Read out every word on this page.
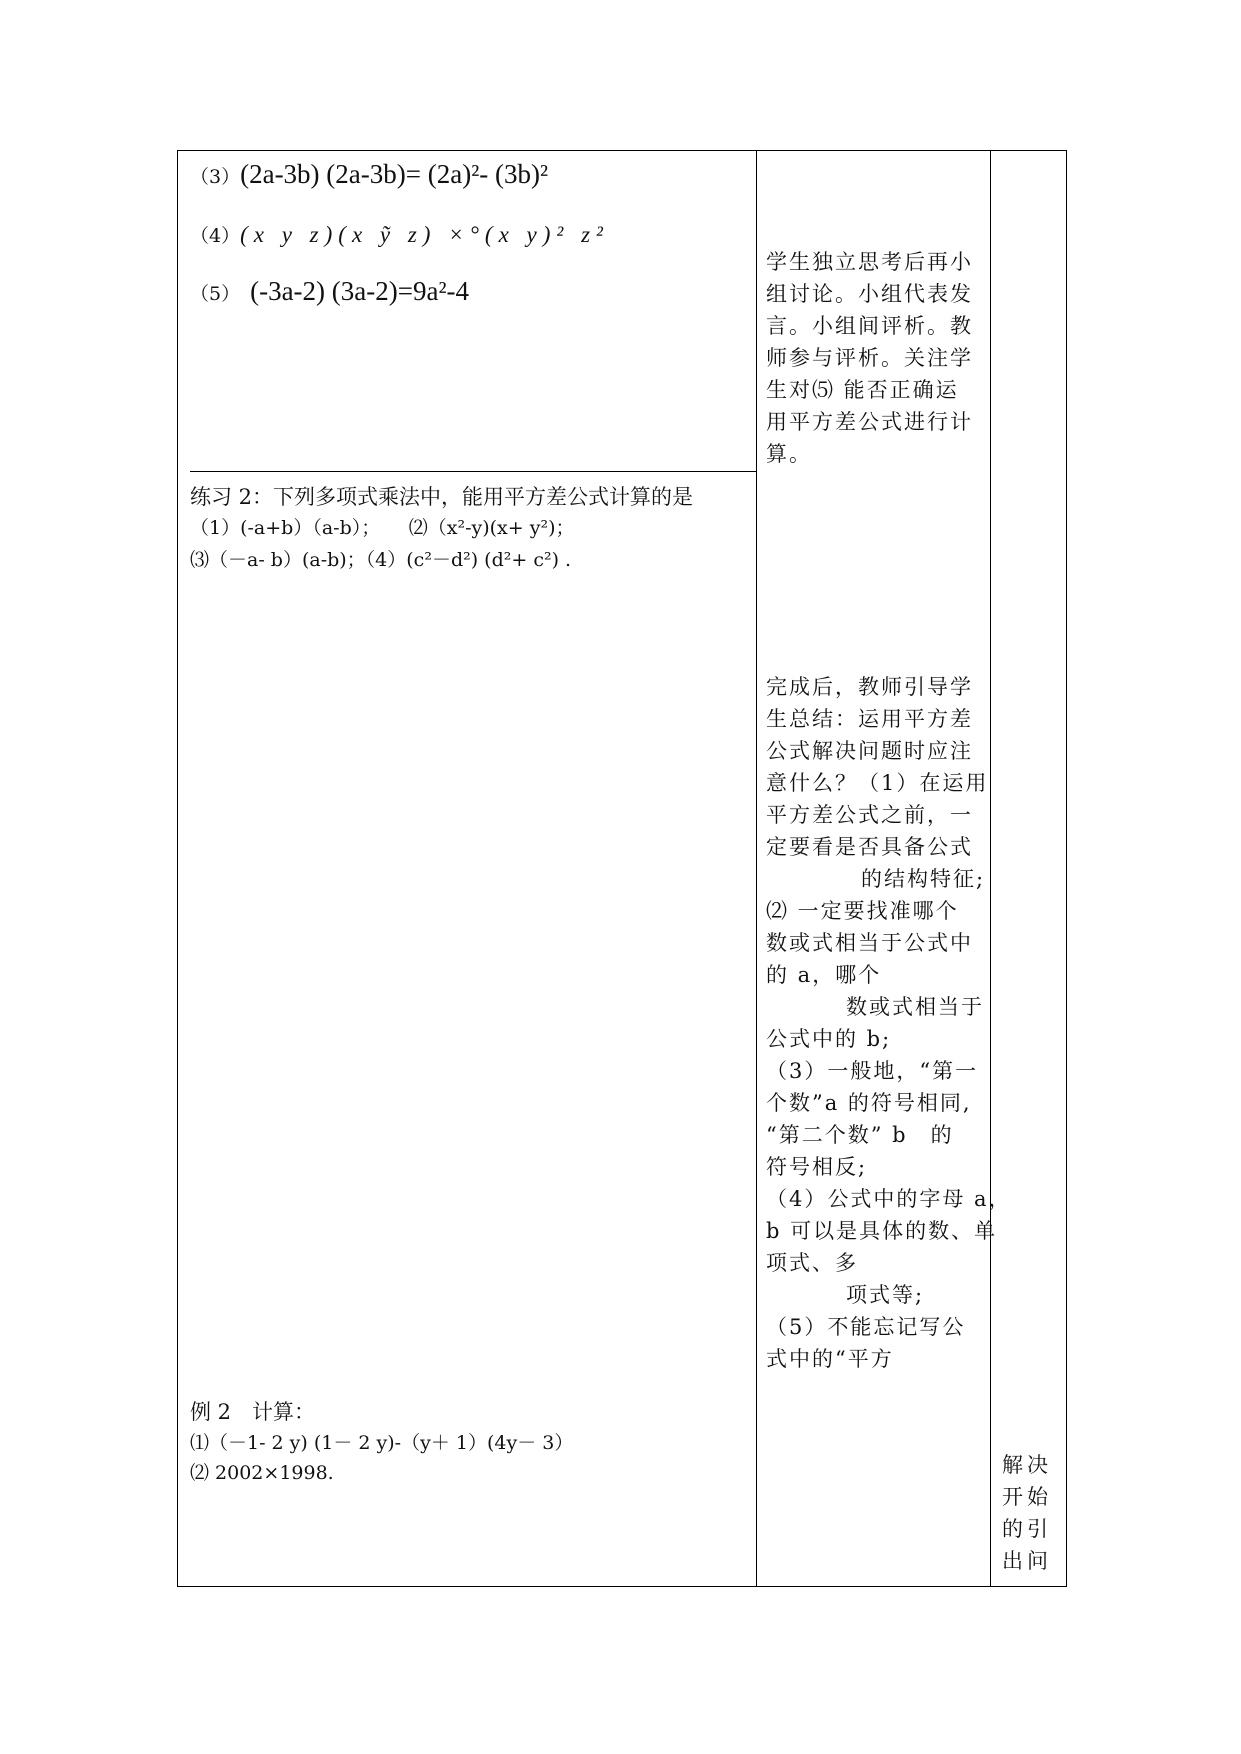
（3）(2a-3b) (2a-3b)= (2a)²- (3b)²
（4）(x y z)(x ỹ z) ×°(x y)² z²
（5） (-3a-2) (3a-2)=9a²-4
练习 2：下列多项式乘法中，能用平方差公式计算的是
（1）(-a+b）（a-b）；　　⑵（x²-y)(x+ y²)；
⑶（－a- b）(a-b)；（4）(c²－d²) (d²+ c²) .
例 2　计算：
⑴（－1- 2 y) (1－ 2 y)-（y＋ 1）(4y－ 3）
⑵ 2002×1998.
学生独立思考后再小
组讨论。小组代表发
言。小组间评析。教
师参与评析。关注学
生对⑸ 能否正确运
用平方差公式进行计
算。
完成后，教师引导学
生总结：运用平方差
公式解决问题时应注
意什么？（1）在运用
平方差公式之前，一
定要看是否具备公式
的结构特征;
⑵ 一定要找准哪个
数或式相当于公式中
的 a，哪个
数或式相当于
公式中的 b;
（3）一般地，“第一
个数”a 的符号相同,
“第二个数” b　的
符号相反;
（4）公式中的字母 a，
b 可以是具体的数、单
项式、多
项式等;
（5）不能忘记写公
式中的“平方
解决
开始
的引
出问
